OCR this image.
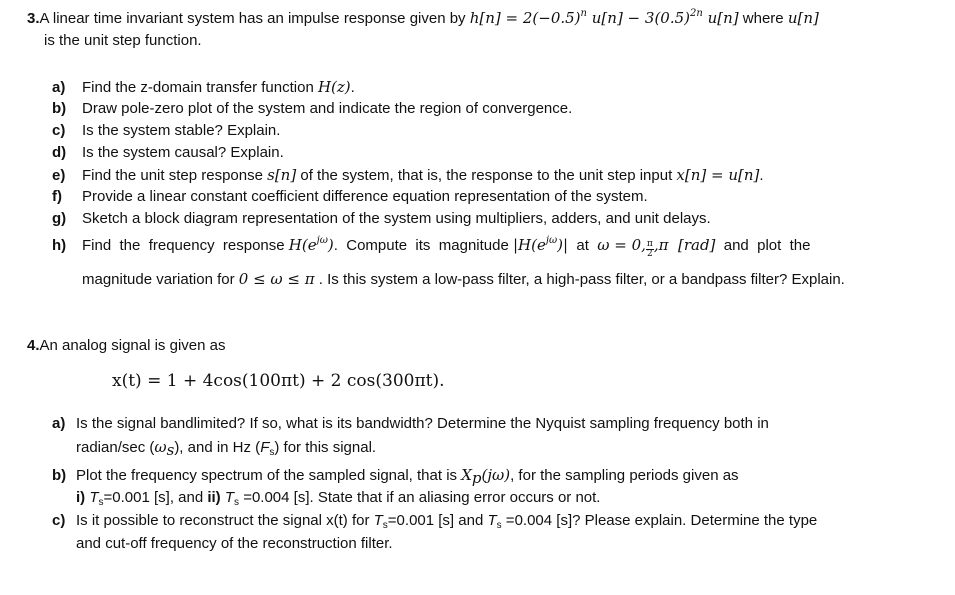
3.A linear time invariant system has an impulse response given by $h[n] = 2(-0.5)^n$ $u[n] - 3(0.5)^{2n}$ u[n] where u[n]
is the unit step function.
a) Find the z-domain transfer function H(z).
b) Draw pole-zero plot of the system and indicate the region of convergence.
c) Is the system stable? Explain.
d) Is the system causal? Explain.
e) Find the unit step response s[n] of the system, that is, the response to the unit step input x[n] = u[n].
f) Provide a linear constant coefficient difference equation representation of the system.
g) Sketch a block diagram representation of the system using multipliers, adders, and unit delays.
h) Find  the  frequency  response $H(e^{j\omega})$.  Compute  its  magnitude $|H(e^{j\omega})|$  at  ω = 0, $\frac{\pi}{2} ,\pi$  [rad]  and  plot  the
magnitude variation for 0 ≤ ω ≤ π . Is this system a low-pass filter, a high-pass filter, or a bandpass filter? Explain.
4.An analog signal is given as
x(t) = 1 + 4cos(100πt) + 2 cos(300πt).
a) Is the signal bandlimited? If so, what is its bandwidth? Determine the Nyquist sampling frequency both in
radian/sec $(\omega_s)$, and in Hz $(F_s)$ for this signal.
b) Plot the frequency spectrum of the sampled signal, that is $X_p(j\omega)$, for the sampling periods given as
i) $T_s=0.001$ [s], and ii) $T_s =0.004$ [s]. State that if an aliasing error occurs or not.
c) Is it possible to reconstruct the signal x(t) for $T_s=0.001$ [s] and $T_s =0.004$ [s]? Please explain. Determine the type
and cut-off frequency of the reconstruction filter.
